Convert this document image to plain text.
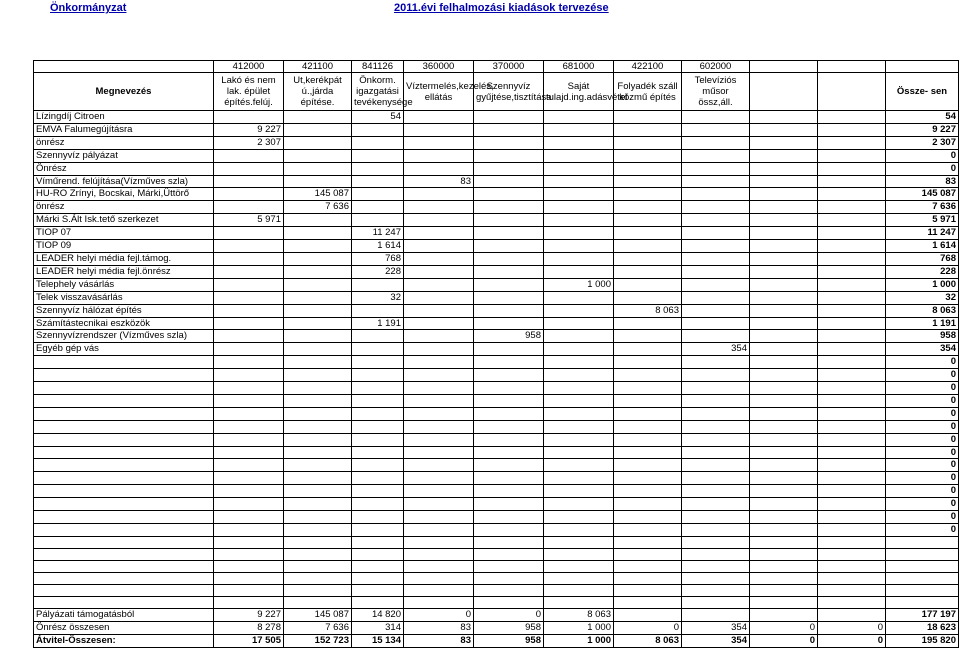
Önkormányzat	2011.évi felhalmozási kiadások tervezése
	412000	421100	841126	360000	370000	681000	422100	602000			
Megnevezés	Lakó és nem lak. épület építés.felúj.	Ut,kerékpát ú.,járda építése.	Önkorm. igazgatási tevékenysége	Víztermelés,kezelés, ellátás	Szennyvíz gyűjtése,tisztítása	Saját tulajd.ing.adásvétel	Folyadék száll közmű építés	Televíziós műsor össz,áll.			Össze- sen
Lízingdíj Citroen			54								54
EMVA Falumegújításra	9 227										9 227
önrész	2 307										2 307
Szennyvíz pályázat											0
Önrész											0
Víműrend. felújítása(Vízműves szla)				83							83
HU-RO Zrínyi, Bocskai, Márki,Üttörő		145 087									145 087
önrész		7 636									7 636
Márki S.Ált Isk.tető szerkezet	5 971										5 971
TIOP 07			11 247								11 247
TIOP 09			1 614								1 614
LEADER helyi média fejl.támog.			768								768
LEADER helyi média fejl.önrész			228								228
Telephely vásárlás						1 000					1 000
Telek visszavásárlás			32								32
Szennyvíz hálózat építés							8 063				8 063
Számítástecnikai eszközök			1 191								1 191
Szennyvízrendszer (Vízműves szla)					958						958
Egyéb gép vás								354			354
											0
											0
											0
											0
											0
											0
											0
											0
											0
											0
											0
											0
											0
											0

Pályázati támogatásból	9 227	145 087	14 820	0	0	8 063					177 197
Önrész összesen	8 278	7 636	314	83	958	1 000	0	354	0	0	18 623
Átvitel-Összesen:	17 505	152 723	15 134	83	958	1 000	8 063	354	0	0	195 820
